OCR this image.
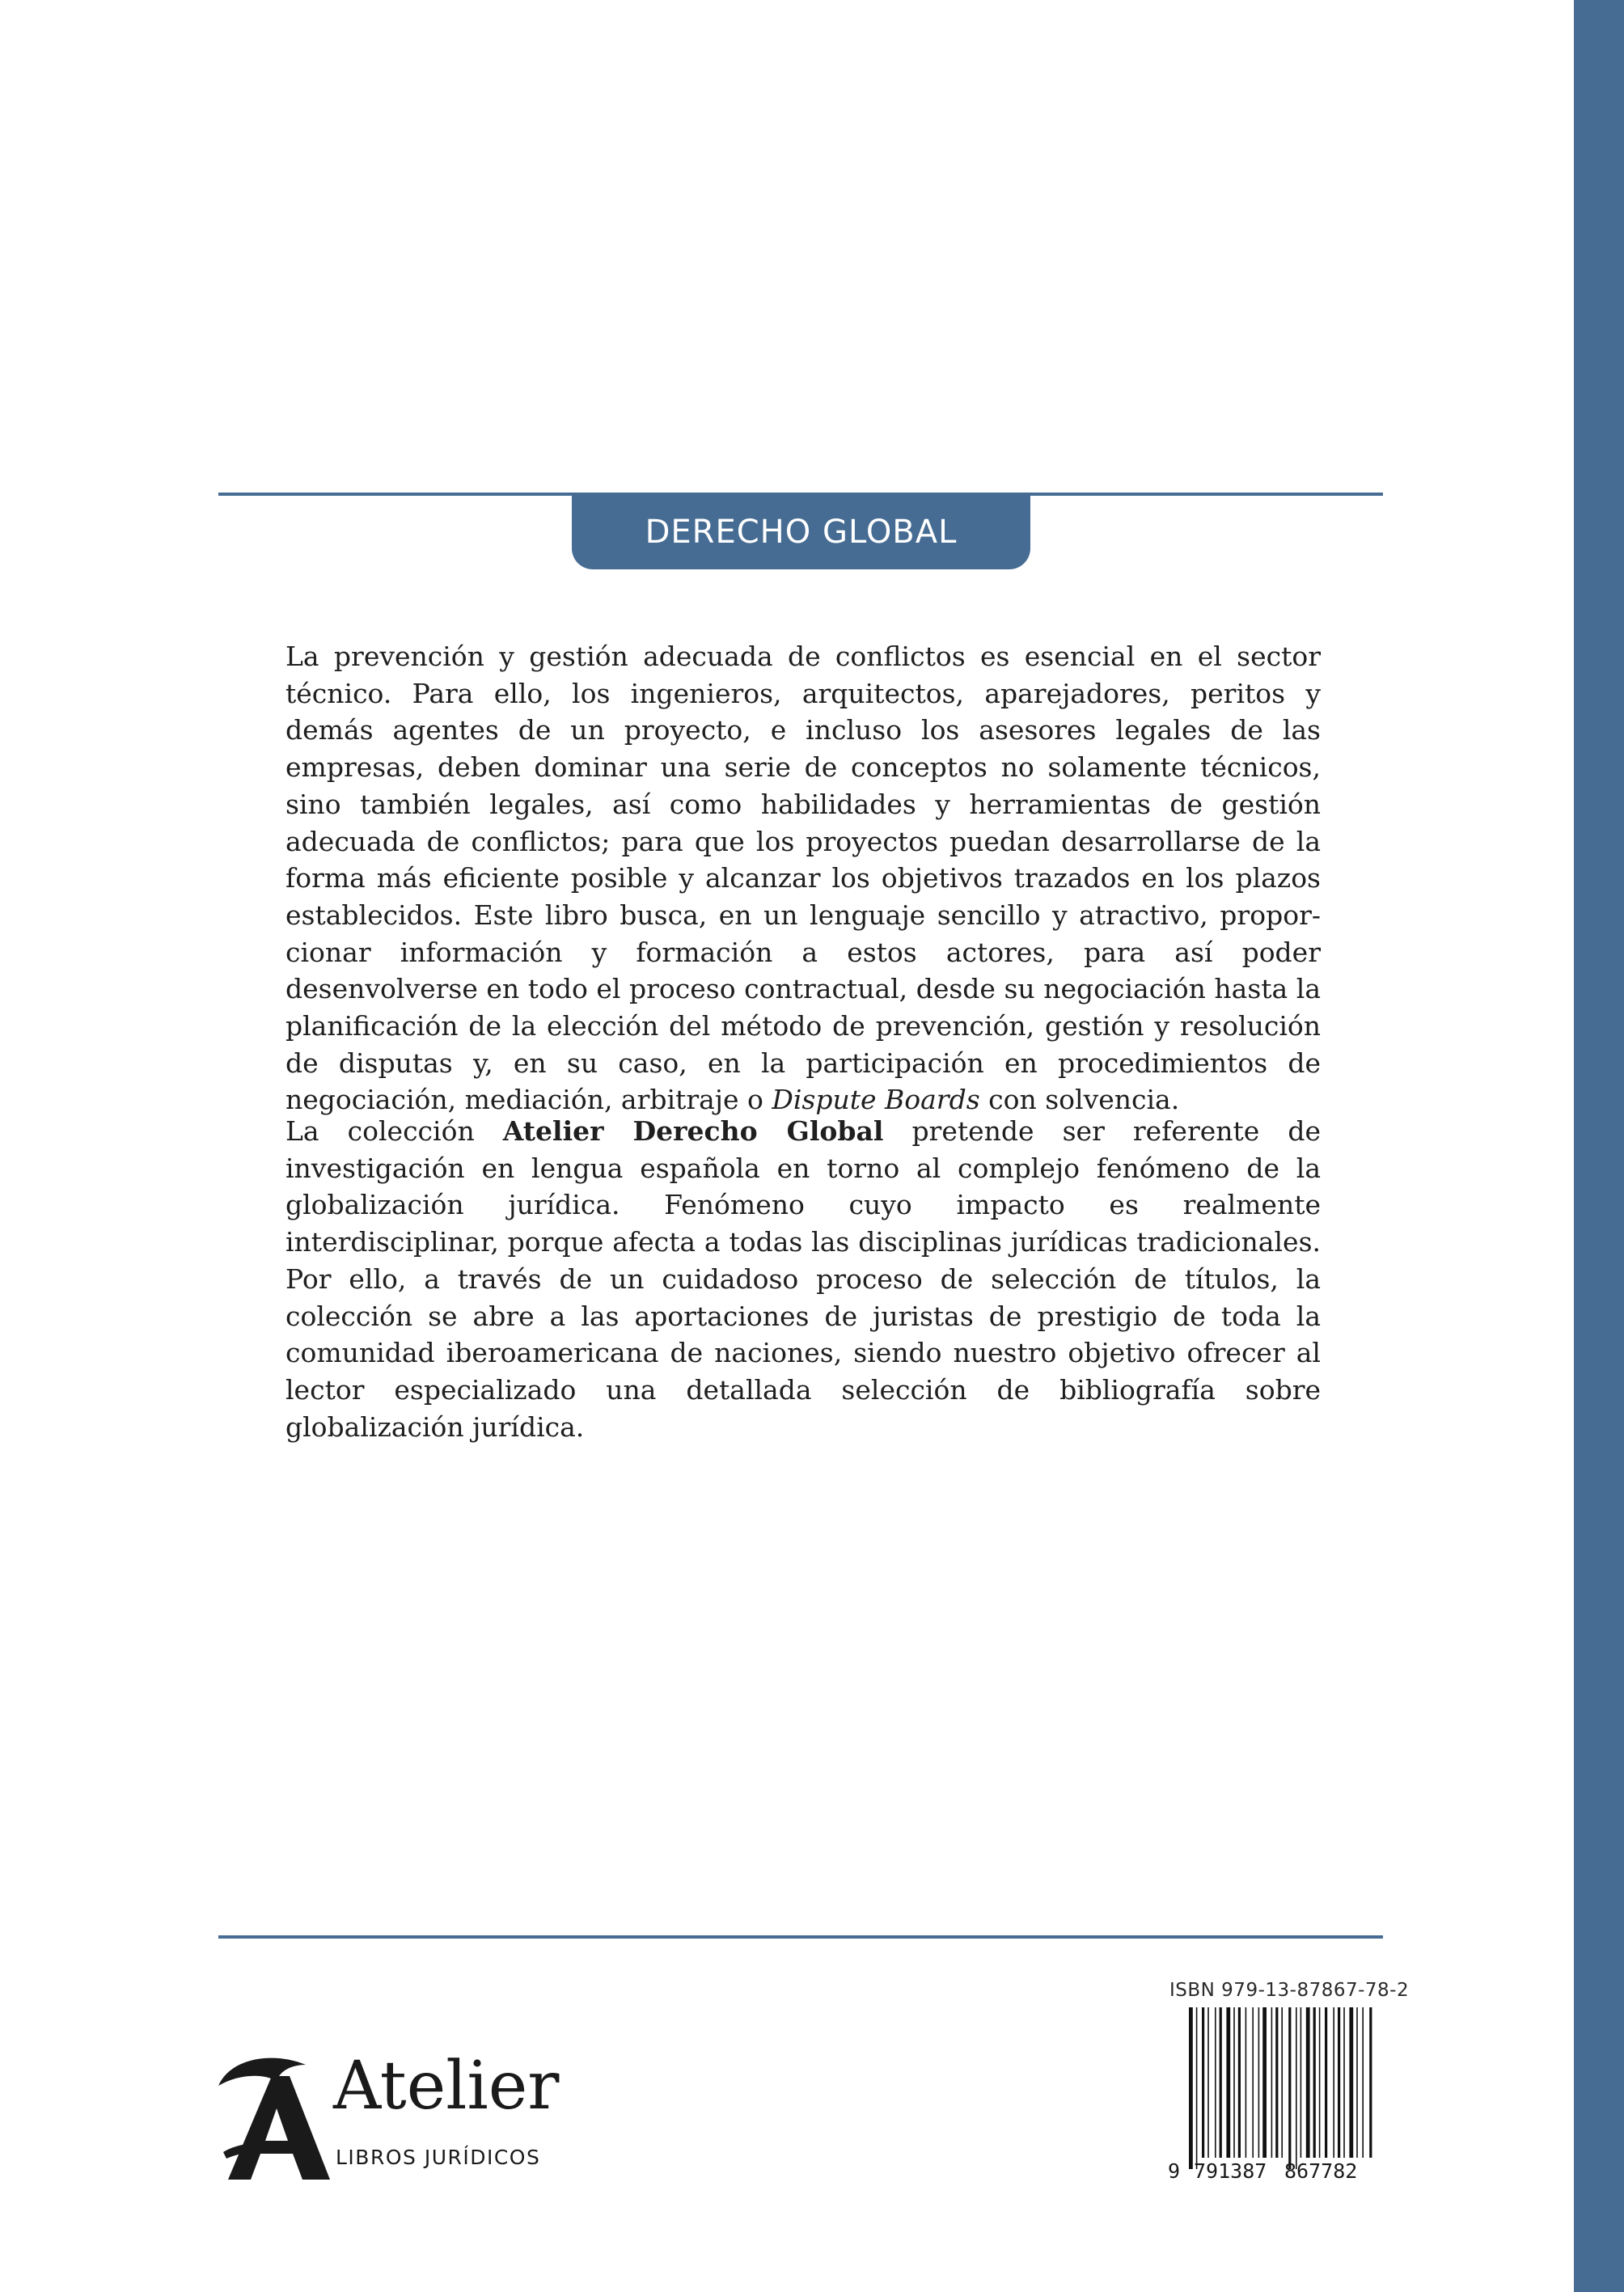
DERECHO GLOBAL
La prevención y gestión adecuada de conflictos es esencial en el sector técnico. Para ello, los ingenieros, arquitectos, aparejadores, peritos y demás agentes de un proyecto, e incluso los asesores legales de las empresas, deben dominar una serie de conceptos no solamente técnicos, sino también legales, así como habilidades y herramientas de gestión adecuada de conflictos; para que los proyectos puedan desarrollarse de la forma más eficiente posible y alcanzar los objetivos trazados en los plazos establecidos. Este libro busca, en un lenguaje sencillo y atractivo, proporcionar información y formación a estos actores, para así poder desenvolverse en todo el proceso contractual, desde su negociación hasta la planificación de la elección del método de prevención, gestión y resolución de disputas y, en su caso, en la participación en procedimientos de negociación, mediación, arbitraje o Dispute Boards con solvencia.
La colección Atelier Derecho Global pretende ser referente de investigación en lengua española en torno al complejo fenómeno de la globalización jurídica. Fenómeno cuyo impacto es realmente interdisciplinar, porque afecta a todas las disciplinas jurídicas tradicionales. Por ello, a través de un cuidadoso proceso de selección de títulos, la colección se abre a las aportaciones de juristas de prestigio de toda la comunidad iberoamericana de naciones, siendo nuestro objetivo ofrecer al lector especializado una detallada selección de bibliografía sobre globalización jurídica.
Atelier
LIBROS JURÍDICOS
ISBN 979-13-87867-78-2
9 791387 867782
